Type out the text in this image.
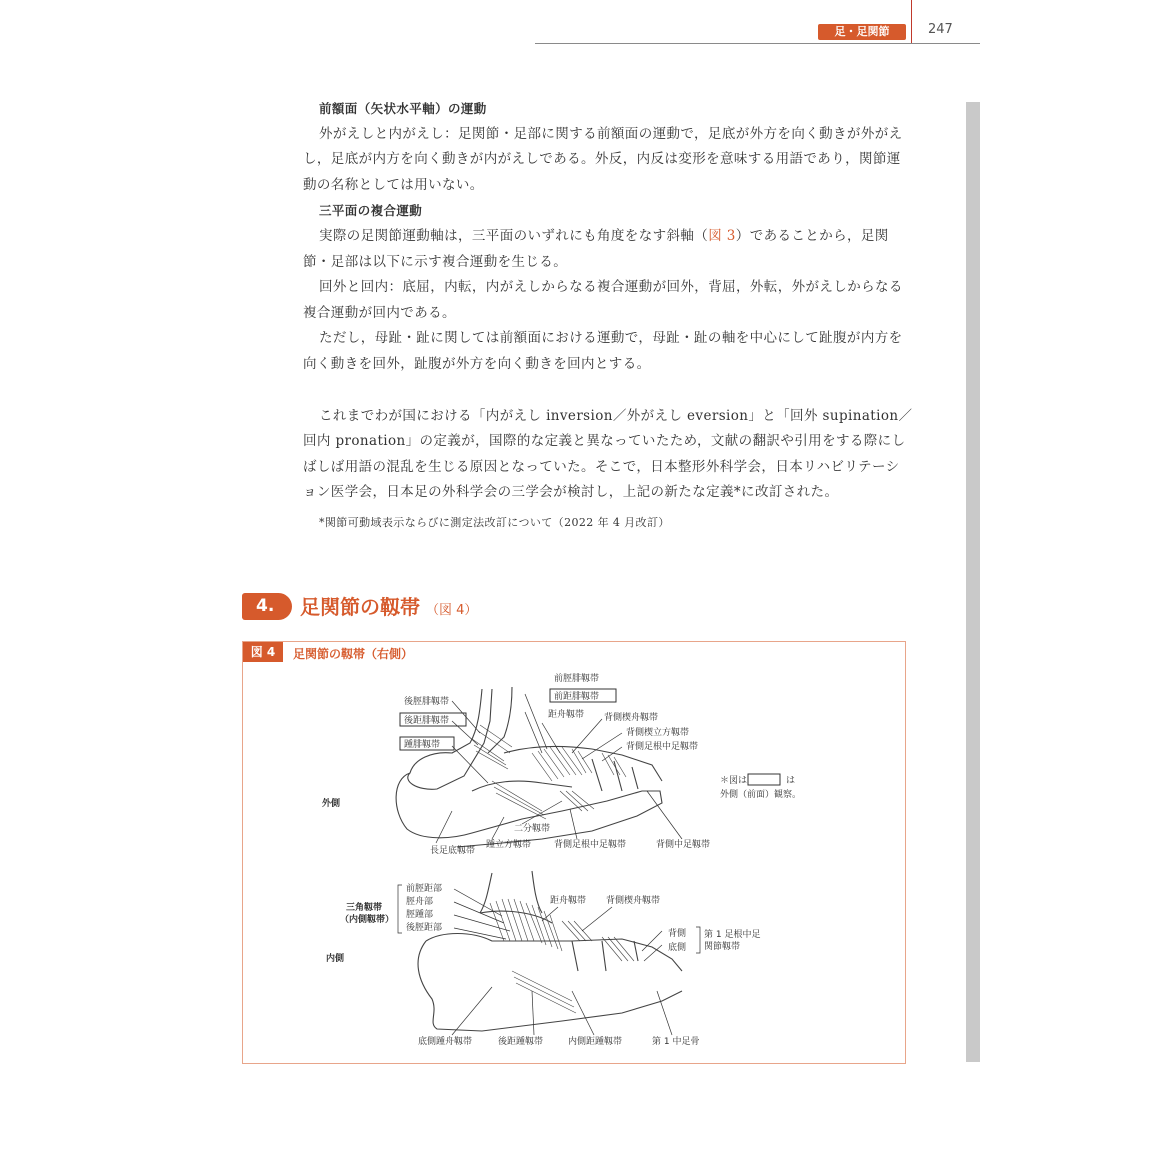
足・足関節	247

前額面（矢状水平軸）の運動

外がえしと内がえし：足関節・足部に関する前額面の運動で，足底が外方を向く動きが外がえし，足底が内方を向く動きが内がえしである。外反，内反は変形を意味する用語であり，関節運動の名称としては用いない。

三平面の複合運動

実際の足関節運動軸は，三平面のいずれにも角度をなす斜軸（図 3）であることから，足関節・足部は以下に示す複合運動を生じる。

回外と回内：底屈，内転，内がえしからなる複合運動が回外，背屈，外転，外がえしからなる複合運動が回内である。

ただし，母趾・趾に関しては前額面における運動で，母趾・趾の軸を中心にして趾腹が内方を向く動きを回外，趾腹が外方を向く動きを回内とする。

これまでわが国における「内がえし inversion／外がえし eversion」と「回外 supination／回内 pronation」の定義が，国際的な定義と異なっていたため，文献の翻訳や引用をする際にしばしば用語の混乱を生じる原因となっていた。そこで，日本整形外科学会，日本リハビリテーション医学会，日本足の外科学会の三学会が検討し，上記の新たな定義*に改訂された。

*関節可動域表示ならびに測定法改訂について（2022 年 4 月改訂）

4.	足関節の靱帯 （図 4）
図 4	足関節の靱帯（右側）
前脛腓靱帯
前距腓靱帯
距舟靱帯 背側楔舟靱帯
背側楔立方靱帯
背側足根中足靱帯
後脛腓靱帯
後距腓靱帯
踵腓靱帯
外側
二分靱帯
長足底靱帯
踵立方靱帯	背側足根中足靱帯	背側中足靱帯
＊図は	は
外側（前面）観察。
前脛距部
脛舟部
脛踵部
後脛距部
三角靱帯
（内側靱帯）
内側
距舟靱帯 背側楔舟靱帯
背側
底側
第 1 足根中足
関節靱帯
底側踵舟靱帯	後距踵靱帯	内側距踵靱帯	第 1 中足骨
